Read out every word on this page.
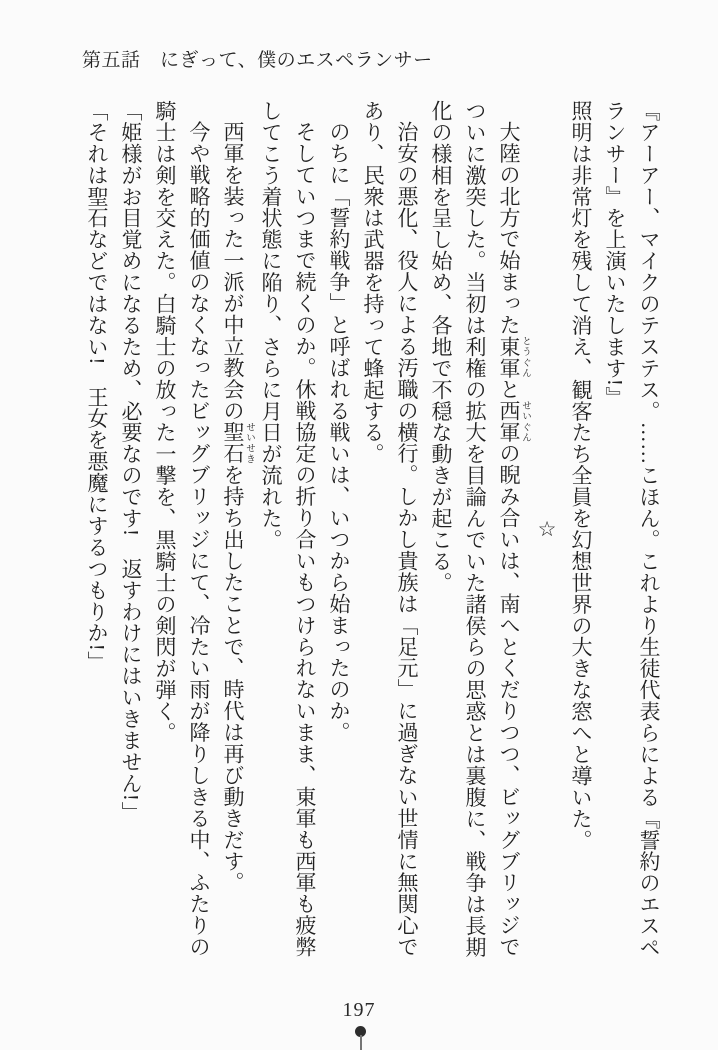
第五話　にぎって、僕のエスペランサー

『アーアー、マイクのテステス。……こほん。これより生徒代表らによる『誓約のエスペランサー』を上演いたします!』

照明は非常灯を残して消え、観客たち全員を幻想世界の大きな窓へと導いた。

☆

大陸の北方で始まった東軍 とうぐんと西軍 せいぐんの睨み合いは、南へとくだりつつ、ビッグブリッジでついに激突した。当初は利権の拡大を目論んでいた諸侯らの思惑とは裏腹に、戦争は長期化の様相を呈し始め、各地で不穏な動きが起こる。

治安の悪化、役人による汚職の横行。しかし貴族は「足元」に過ぎない世情に無関心であり、民衆は武器を持って蜂起する。

のちに「誓約戦争」と呼ばれる戦いは、いつから始まったのか。

そしていつまで続くのか。休戦協定の折り合いもつけられないまま、東軍も西軍も疲弊してこう着状態に陥り、さらに月日が流れた。

西軍を装った一派が中立教会の聖石 せいせきを持ち出したことで、時代は再び動きだす。

今や戦略的価値のなくなったビッグブリッジにて、冷たい雨が降りしきる中、ふたりの騎士は剣を交えた。白騎士の放った一撃を、黒騎士の剣閃が弾く。

「姫様がお目覚めになるため、必要なのです!　返すわけにはいきません!」

「それは聖石などではない!　王女を悪魔にするつもりか!」

197
